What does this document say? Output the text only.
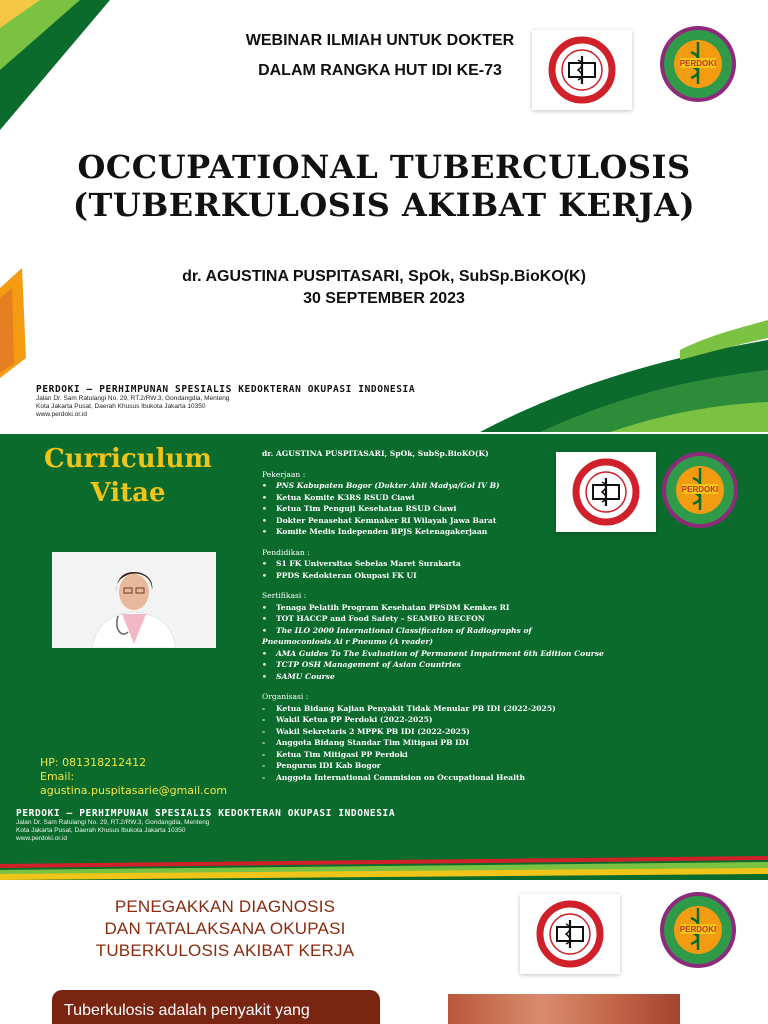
WEBINAR ILMIAH UNTUK DOKTER
DALAM RANGKA HUT IDI KE-73	PERDOKI
OCCUPATIONAL TUBERCULOSIS
(TUBERKULOSIS AKIBAT KERJA)
dr. AGUSTINA PUSPITASARI, SpOk, SubSp.BioKO(K)
30 SEPTEMBER 2023
PERDOKI – PERHIMPUNAN SPESIALIS KEDOKTERAN OKUPASI INDONESIA
Jalan Dr. Sam Ratulangi No. 29, RT.2/RW.3, Gondangdia, Menteng
Kota Jakarta Pusat, Daerah Khusus Ibukota Jakarta 10350
www.perdoki.or.id
Curriculum
Vitae
dr. AGUSTINA PUSPITASARI, SpOk, SubSp.BioKO(K)
Pekerjaan :
•	PNS Kabupaten Bogor (Dokter Ahli Madya/Gol IV B)
•	Ketua Komite K3RS RSUD Ciawi
•	Ketua Tim Penguji Kesehatan RSUD Ciawi
•	Dokter Penasehat Kemnaker RI Wilayah Jawa Barat
•	Komite Medis Independen BPJS Ketenagakerjaan
Pendidikan :
•	S1 FK Universitas Sebelas Maret Surakarta
•	PPDS Kedokteran Okupasi FK UI
Sertifikasi :
•	Tenaga Pelatih Program Kesehatan PPSDM Kemkes RI
•	TOT HACCP and Food Safety – SEAMEO RECFON
•	The ILO 2000 International Classification of Radiographs of
Pneumoconiosis Ai r Pneumo (A reader)
•	AMA Guides To The Evaluation of Permanent Impairment 6th Edition Course
•	TCTP OSH Management of Asian Countries
•	SAMU Course
Organisasi :
-	Ketua Bidang Kajian Penyakit Tidak Menular PB IDI (2022-2025)
-	Wakil Ketua PP Perdoki (2022-2025)
-	Wakil Sekretaris 2 MPPK PB IDI (2022-2025)
-	Anggota Bidang Standar Tim Mitigasi PB IDI
-	Ketua Tim Mitigasi PP Perdoki
-	Pengurus IDI Kab Bogor
-	Anggota International Commision on Occupational Health
PERDOKI
HP: 081318212412
Email:
agustina.puspitasarie@gmail.com
PERDOKI – PERHIMPUNAN SPESIALIS KEDOKTERAN OKUPASI INDONESIA
Jalan Dr. Sam Ratulangi No. 29, RT.2/RW.3, Gondangdia, Menteng
Kota Jakarta Pusat, Daerah Khusus Ibukota Jakarta 10350
www.perdoki.or.id
PENEGAKKAN DIAGNOSIS
DAN TATALAKSANA OKUPASI
TUBERKULOSIS AKIBAT KERJA
PERDOKI
Tuberkulosis adalah penyakit yang
